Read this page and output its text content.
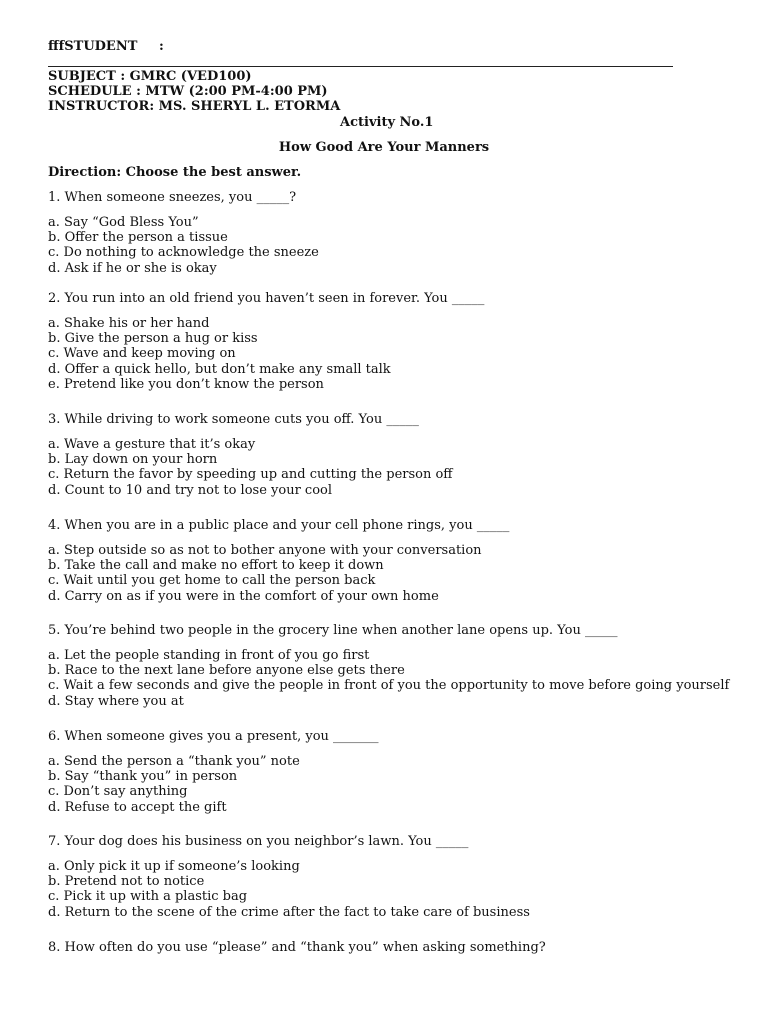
fffSTUDENT :
SUBJECT : GMRC (VED100)
SCHEDULE : MTW (2:00 PM-4:00 PM)
INSTRUCTOR: MS. SHERYL L. ETORMA
Activity No.1
How Good Are Your Manners
Direction: Choose the best answer.
1. When someone sneezes, you _____?
a. Say “God Bless You”
b. Offer the person a tissue
c. Do nothing to acknowledge the sneeze
d. Ask if he or she is okay
2. You run into an old friend you haven’t seen in forever. You _____
a. Shake his or her hand
b. Give the person a hug or kiss
c. Wave and keep moving on
d. Offer a quick hello, but don’t make any small talk
e. Pretend like you don’t know the person
3. While driving to work someone cuts you off. You _____
a. Wave a gesture that it’s okay
b. Lay down on your horn
c. Return the favor by speeding up and cutting the person off
d. Count to 10 and try not to lose your cool
4. When you are in a public place and your cell phone rings, you _____
a. Step outside so as not to bother anyone with your conversation
b. Take the call and make no effort to keep it down
c. Wait until you get home to call the person back
d. Carry on as if you were in the comfort of your own home
5. You’re behind two people in the grocery line when another lane opens up. You _____
a. Let the people standing in front of you go first
b. Race to the next lane before anyone else gets there
c. Wait a few seconds and give the people in front of you the opportunity to move before going yourself
d. Stay where you at
6. When someone gives you a present, you _______
a. Send the person a “thank you” note
b. Say “thank you” in person
c. Don’t say anything
d. Refuse to accept the gift
7. Your dog does his business on you neighbor’s lawn. You _____
a. Only pick it up if someone’s looking
b. Pretend not to notice
c. Pick it up with a plastic bag
d. Return to the scene of the crime after the fact to take care of business
8. How often do you use “please” and “thank you” when asking something?
